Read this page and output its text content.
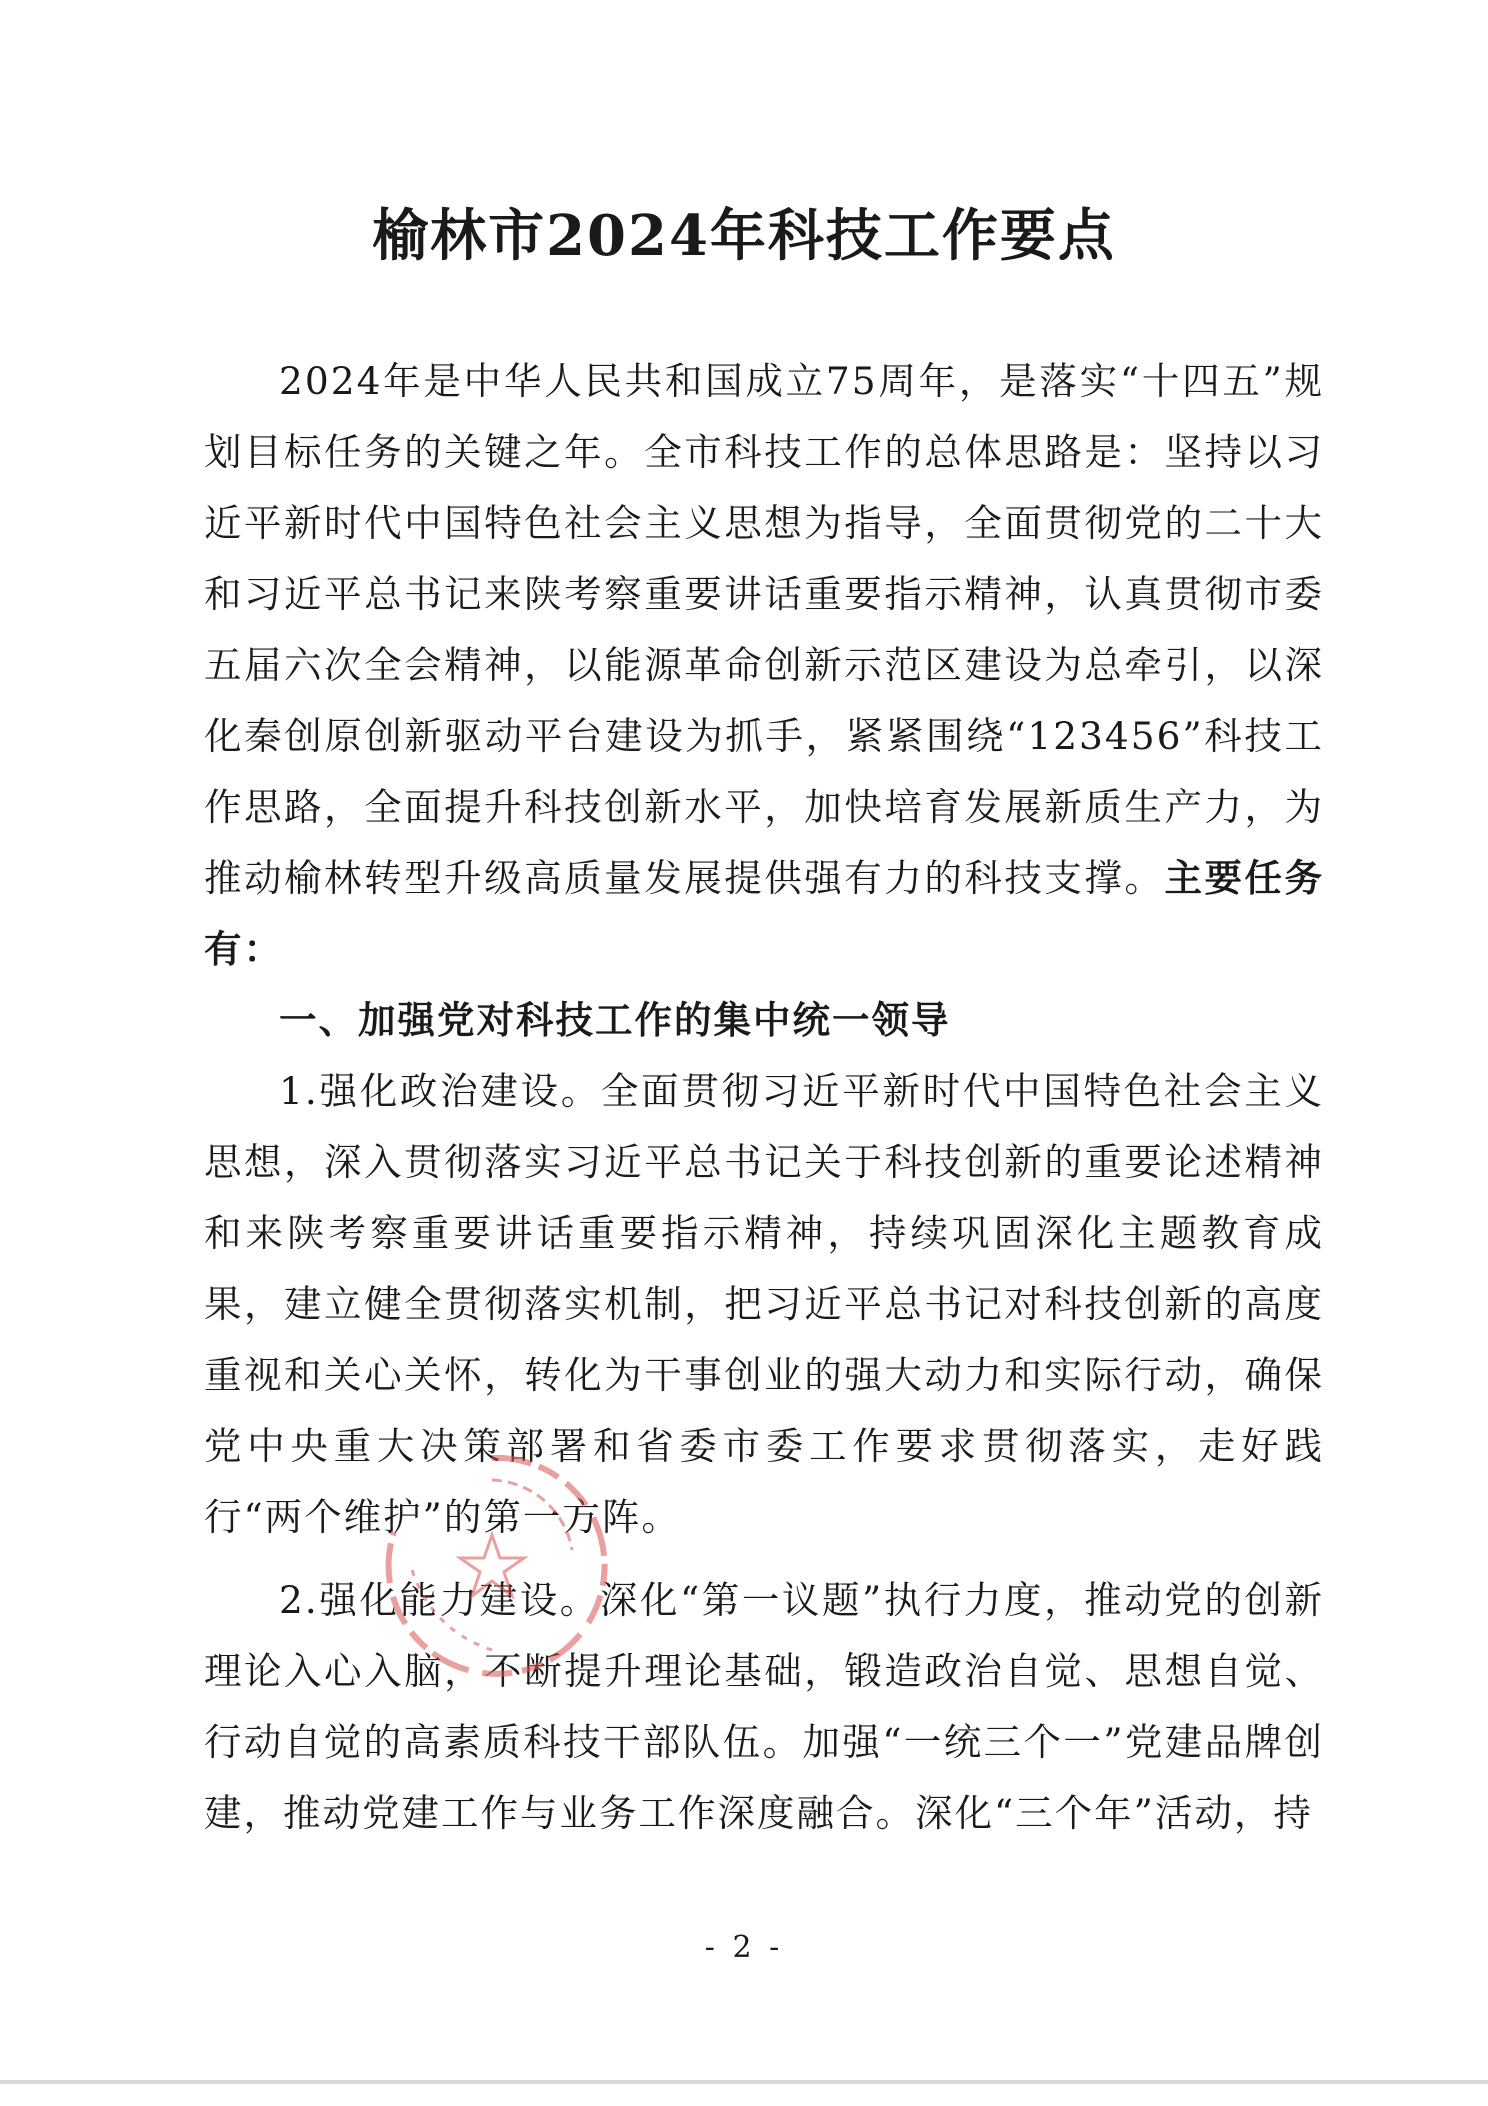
榆林市2024年科技工作要点

2024年是中华人民共和国成立75周年，是落实“十四五”规划目标任务的关键之年。全市科技工作的总体思路是：坚持以习近平新时代中国特色社会主义思想为指导，全面贯彻党的二十大和习近平总书记来陕考察重要讲话重要指示精神，认真贯彻市委五届六次全会精神，以能源革命创新示范区建设为总牵引，以深化秦创原创新驱动平台建设为抓手，紧紧围绕“123456”科技工作思路，全面提升科技创新水平，加快培育发展新质生产力，为推动榆林转型升级高质量发展提供强有力的科技支撑。主要任务有：

一、加强党对科技工作的集中统一领导

1.强化政治建设。全面贯彻习近平新时代中国特色社会主义思想，深入贯彻落实习近平总书记关于科技创新的重要论述精神和来陕考察重要讲话重要指示精神，持续巩固深化主题教育成果，建立健全贯彻落实机制，把习近平总书记对科技创新的高度重视和关心关怀，转化为干事创业的强大动力和实际行动，确保党中央重大决策部署和省委市委工作要求贯彻落实，走好践行“两个维护”的第一方阵。

2.强化能力建设。深化“第一议题”执行力度，推动党的创新理论入心入脑，不断提升理论基础，锻造政治自觉、思想自觉、行动自觉的高素质科技干部队伍。加强“一统三个一”党建品牌创建，推动党建工作与业务工作深度融合。深化“三个年”活动，持

- 2 -
